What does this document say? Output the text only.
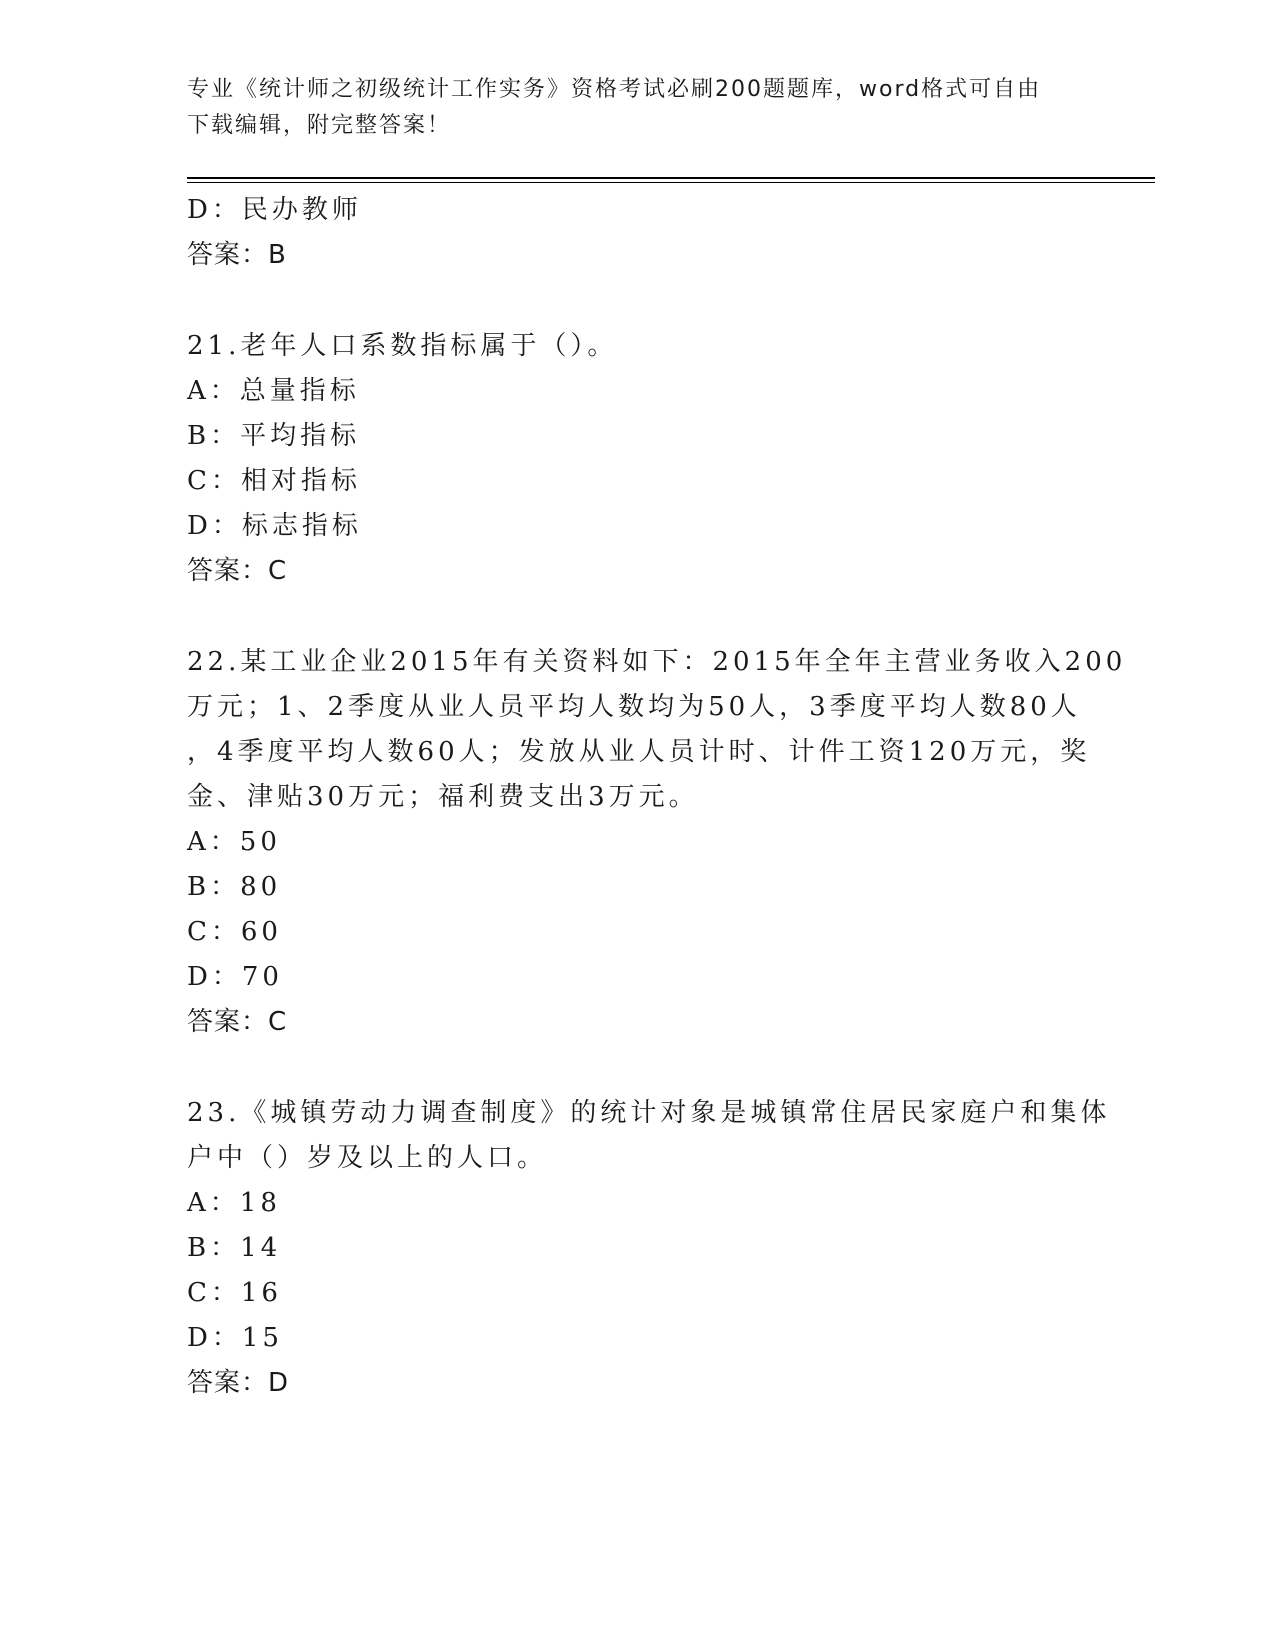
专业《统计师之初级统计工作实务》资格考试必刷200题题库，word格式可自由
下载编辑，附完整答案！
D：民办教师
答案：B
21.老年人口系数指标属于（）。
A：总量指标
B：平均指标
C：相对指标
D：标志指标
答案：C
22.某工业企业2015年有关资料如下：2015年全年主营业务收入200
万元；1、2季度从业人员平均人数均为50人，3季度平均人数80人
，4季度平均人数60人；发放从业人员计时、计件工资120万元，奖
金、津贴30万元；福利费支出3万元。
A：50
B：80
C：60
D：70
答案：C
23.《城镇劳动力调查制度》的统计对象是城镇常住居民家庭户和集体
户中（）岁及以上的人口。
A：18
B：14
C：16
D：15
答案：D
